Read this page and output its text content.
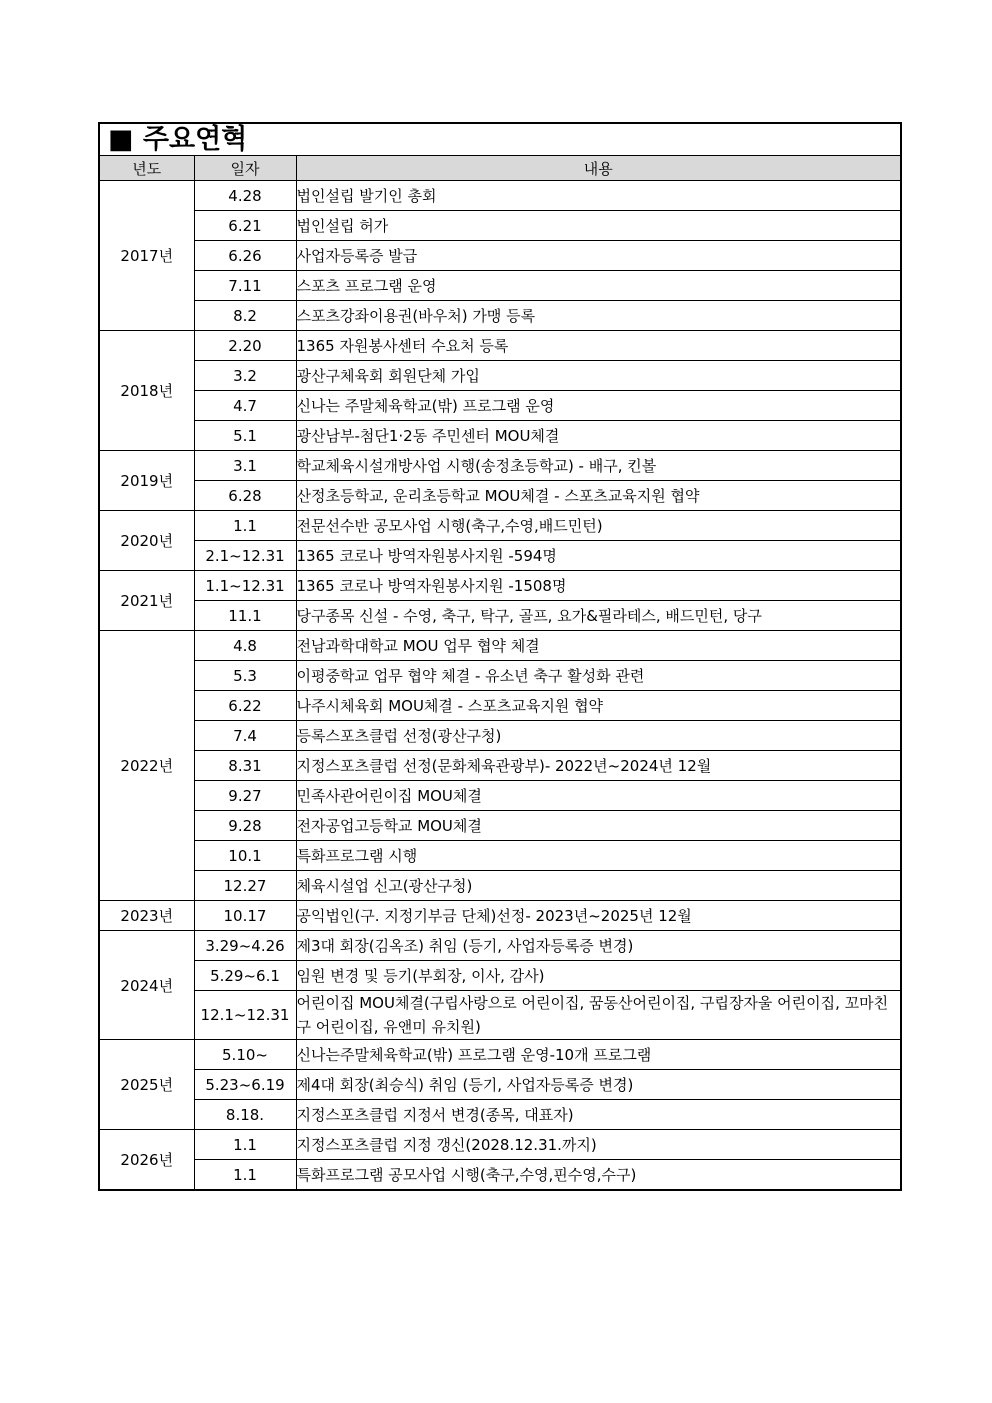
■ 주요연혁		
년도	일자	내용
2017년	4.28	법인설립 발기인 총회
	6.21	법인설립 허가
	6.26	사업자등록증 발급
	7.11	스포츠 프로그램 운영
	8.2	스포츠강좌이용권(바우처) 가맹 등록
2018년	2.20	1365 자원봉사센터 수요처 등록
	3.2	광산구체육회 회원단체 가입
	4.7	신나는 주말체육학교(밖) 프로그램 운영
	5.1	광산남부-첨단1·2동 주민센터 MOU체결
2019년	3.1	학교체육시설개방사업 시행(송정초등학교) - 배구, 킨볼
	6.28	산정초등학교, 운리초등학교 MOU체결 - 스포츠교육지원 협약
2020년	1.1	전문선수반 공모사업 시행(축구,수영,배드민턴)
	2.1~12.31	1365 코로나 방역자원봉사지원 -594명
2021년	1.1~12.31	1365 코로나 방역자원봉사지원 -1508명
	11.1	당구종목 신설 - 수영, 축구, 탁구, 골프, 요가&필라테스, 배드민턴, 당구
2022년	4.8	전남과학대학교 MOU 업무 협약 체결
	5.3	이평중학교 업무 협약 체결 - 유소년 축구 활성화 관련
	6.22	나주시체육회 MOU체결 - 스포츠교육지원 협약
	7.4	등록스포츠클럽 선정(광산구청)
	8.31	지정스포츠클럽 선정(문화체육관광부)- 2022년~2024년 12월
	9.27	민족사관어린이집 MOU체결
	9.28	전자공업고등학교 MOU체결
	10.1	특화프로그램 시행
	12.27	체육시설업 신고(광산구청)
2023년	10.17	공익법인(구. 지정기부금 단체)선정- 2023년~2025년 12월
2024년	3.29~4.26	제3대 회장(김옥조) 취임 (등기, 사업자등록증 변경)
	5.29~6.1	임원 변경 및 등기(부회장, 이사, 감사)
	12.1~12.31	어린이집 MOU체결(구립사랑으로 어린이집, 꿈동산어린이집, 구립장자울 어린이집, 꼬마친구 어린이집, 유앤미 유치원)
2025년	5.10~	신나는주말체육학교(밖) 프로그램 운영-10개 프로그램
	5.23~6.19	제4대 회장(최승식) 취임 (등기, 사업자등록증 변경)
	8.18.	지정스포츠클럽 지정서 변경(종목, 대표자)
2026년	1.1	지정스포츠클럽 지정 갱신(2028.12.31.까지)
	1.1	특화프로그램 공모사업 시행(축구,수영,핀수영,수구)
